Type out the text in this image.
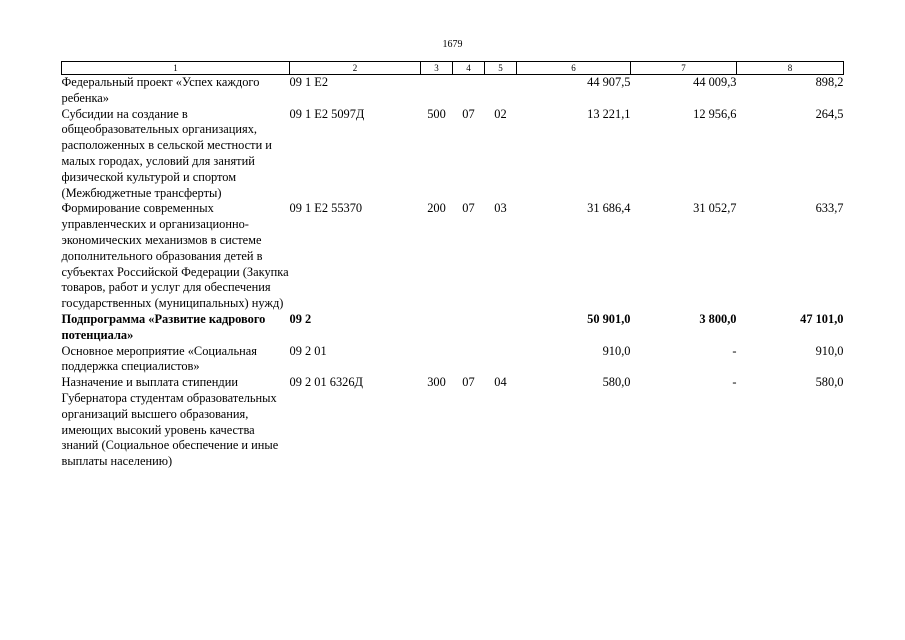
1679
1	2	3	4	5	6	7	8
Федеральный проект «Успех каждого ребенка»	09 1 E2				44 907,5	44 009,3	898,2
Субсидии на создание в общеобразовательных организациях, расположенных в сельской местности и малых городах, условий для занятий физической культурой и спортом (Межбюджетные трансферты)	09 1 E2 5097Д	500	07	02	13 221,1	12 956,6	264,5
Формирование современных управленческих и организационно-экономических механизмов в системе дополнительного образования детей в субъектах Российской Федерации (Закупка товаров, работ и услуг для обеспечения государственных (муниципальных) нужд)	09 1 E2 55370	200	07	03	31 686,4	31 052,7	633,7
Подпрограмма «Развитие кадрового потенциала»	09 2				50 901,0	3 800,0	47 101,0
Основное мероприятие «Социальная поддержка специалистов»	09 2 01				910,0	-	910,0
Назначение и выплата стипендии Губернатора студентам образовательных организаций высшего образования, имеющих высокий уровень качества знаний (Социальное обеспечение и иные выплаты населению)	09 2 01 6326Д	300	07	04	580,0	-	580,0
